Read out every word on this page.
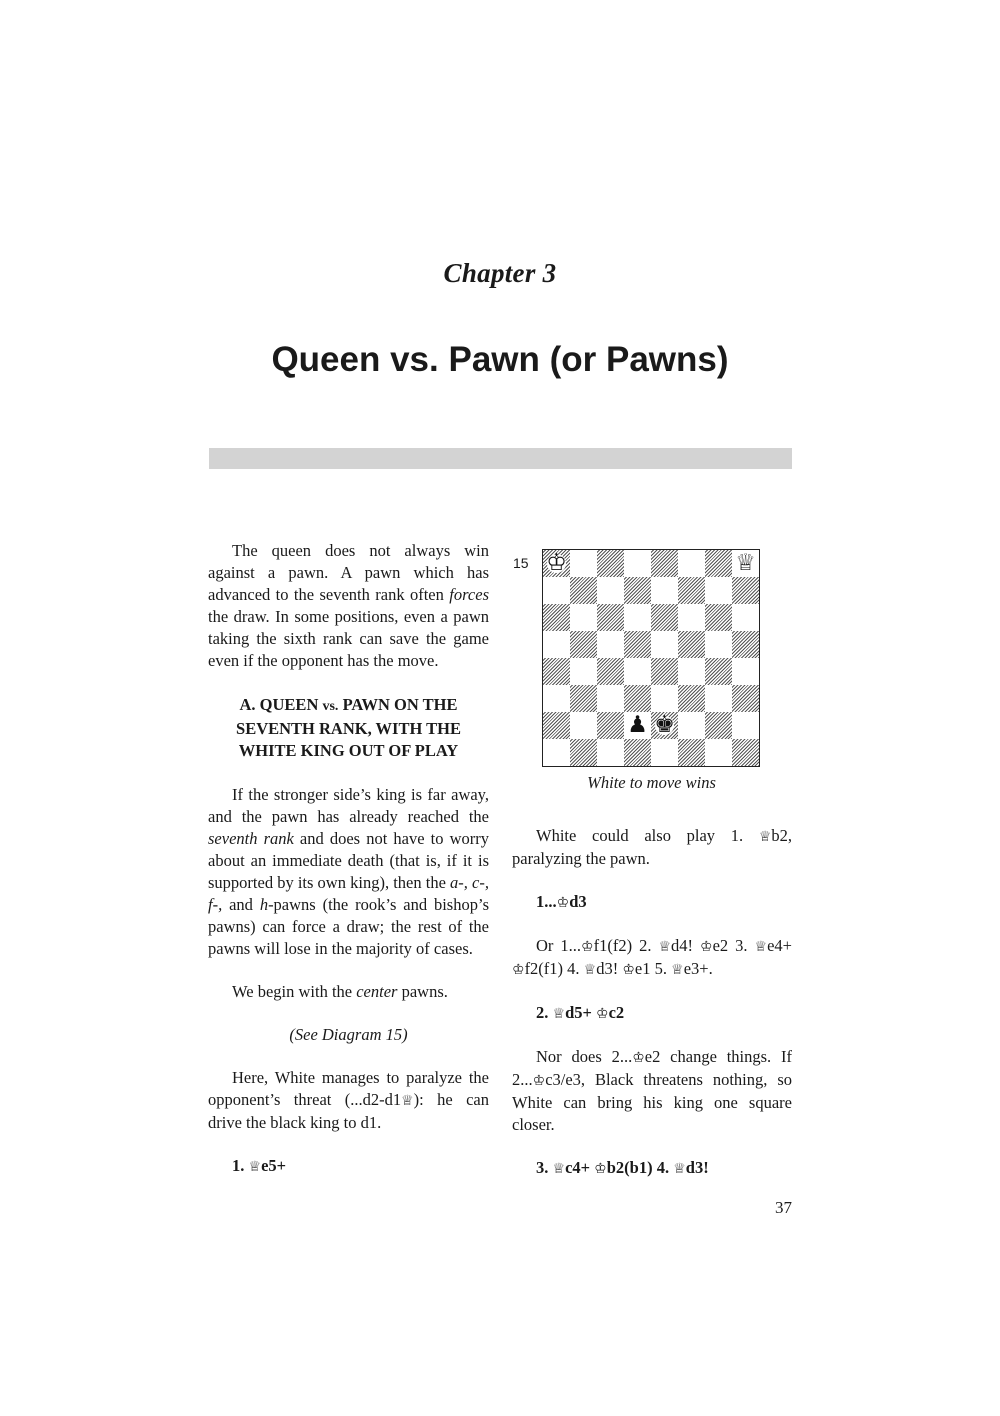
Chapter 3
Queen vs. Pawn (or Pawns)

The queen does not always win against a pawn. A pawn which has advanced to the seventh rank often forces the draw. In some positions, even a pawn taking the sixth rank can save the game even if the opponent has the move.

A. QUEEN vs. PAWN ON THE SEVENTH RANK, WITH THE WHITE KING OUT OF PLAY

If the stronger side’s king is far away, and the pawn has already reached the seventh rank and does not have to worry about an immediate death (that is, if it is supported by its own king), then the a-, c-, f-, and h-pawns (the rook’s and bishop’s pawns) can force a draw; the rest of the pawns will lose in the majority of cases.

We begin with the center pawns.

(See Diagram 15)

Here, White manages to paralyze the opponent’s threat (...d2-d1♕): he can drive the black king to d1.

1. ♕e5+

15 ♔	♕
♟ ♚
White to move wins

White could also play 1. ♕b2, paralyzing the pawn.

1...♔d3

Or 1...♔f1(f2) 2. ♕d4! ♔e2 3. ♕e4+ ♔f2(f1) 4. ♕d3! ♔e1 5. ♕e3+.

2. ♕d5+ ♔c2

Nor does 2...♔e2 change things. If 2...♔c3/e3, Black threatens nothing, so White can bring his king one square closer.

3. ♕c4+ ♔b2(b1) 4. ♕d3!

37
